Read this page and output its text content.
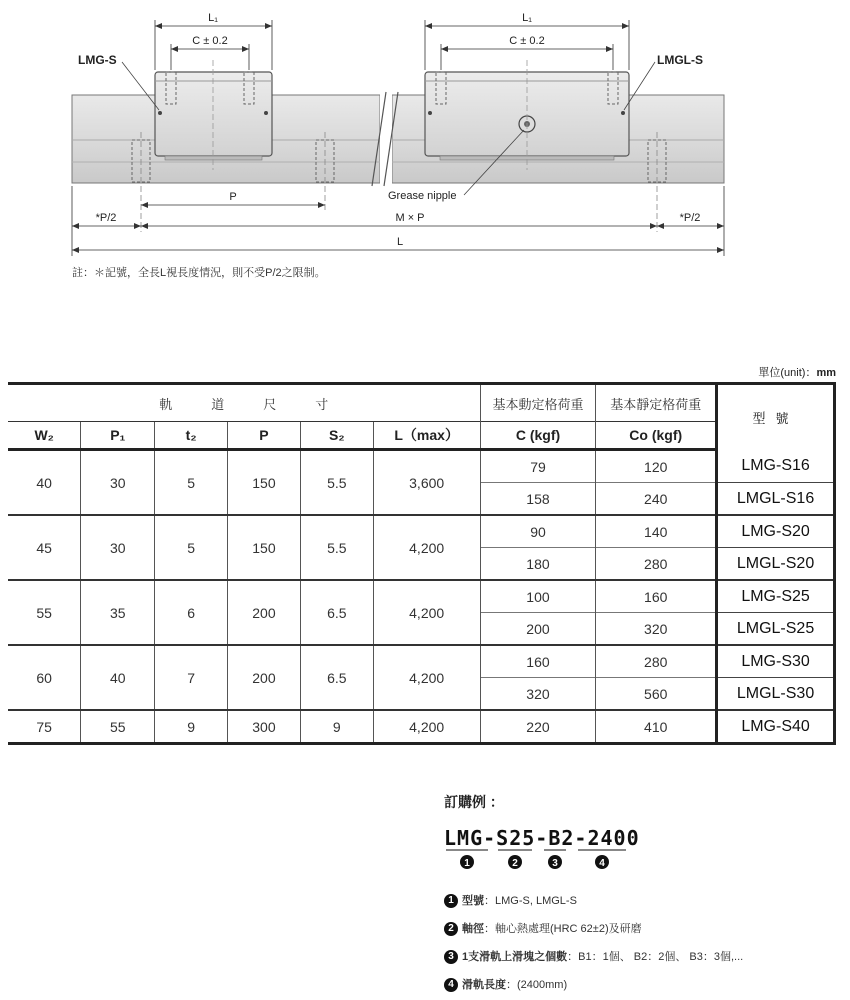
LMG-S	LMGL-S
L₁
C ± 0.2
L₁
C ± 0.2
P
*P/2	M × P	*P/2
L
Grease nipple
註：＊記號，全長L視長度情況，則不受P/2之限制。
單位(unit)：mm
軌　　　道　　　尺　　　寸						基本動定格荷重	基本靜定格荷重	型號
W₂	P₁	t₂	P	S₂	L（max）	C (kgf)	Co (kgf)	
40	30	5	150	5.5	3,600	79	120	LMG-S16
						158	240	LMGL-S16
45	30	5	150	5.5	4,200	90	140	LMG-S20
						180	280	LMGL-S20
55	35	6	200	6.5	4,200	100	160	LMG-S25
						200	320	LMGL-S25
60	40	7	200	6.5	4,200	160	280	LMG-S30
						320	560	LMGL-S30
75	55	9	300	9	4,200	220	410	LMG-S40
訂購例 ：
LMG-S25-B2-2400
1	2	3	4
1 型號：LMG-S, LMGL-S
2 軸徑：軸心熱處理(HRC 62±2)及研磨
3 1支滑軌上滑塊之個數：B1：1個、 B2：2個、 B3：3個,...
4 滑軌長度：(2400mm)
